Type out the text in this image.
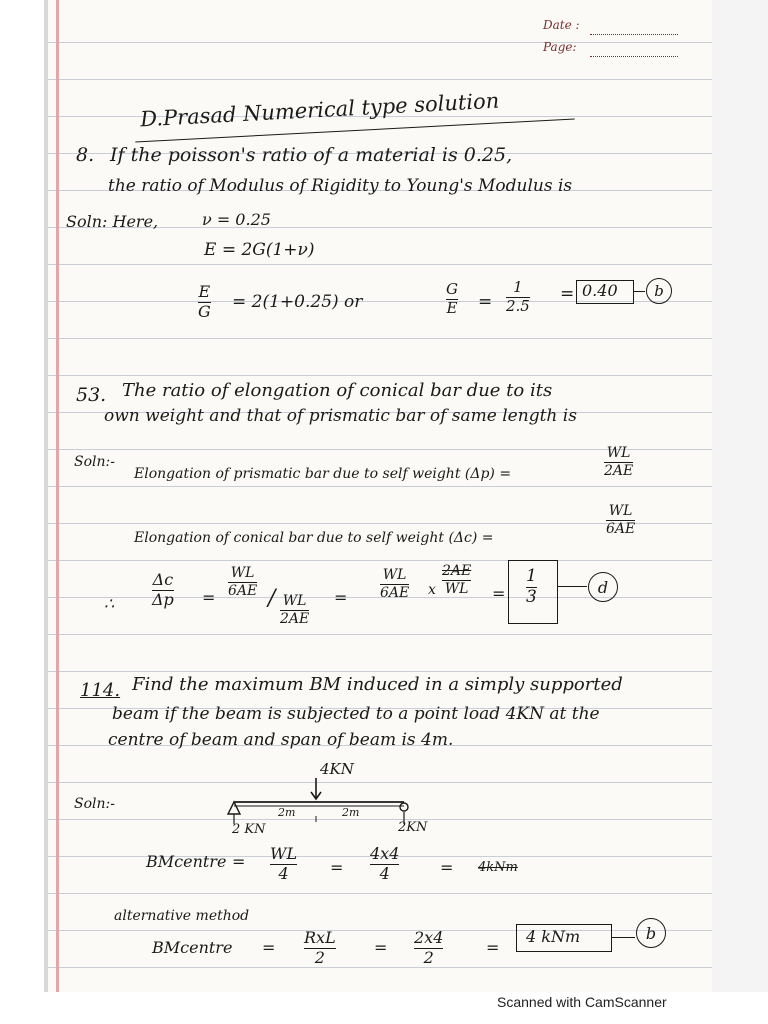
Date :
Page:
D.Prasad Numerical type solution
8. If the poisson's ratio of a material is 0.25,
the ratio of Modulus of Rigidity to Young's Modulus is
Soln: Here,	ν = 0.25
E = 2G(1+ν)
E
G = 2(1+0.25) or
G
E =
1
2.5
= 0.40 b
53. The ratio of elongation of conical bar due to its
own weight and that of prismatic bar of same length is
Soln:-
Elongation of prismatic bar due to self weight (Δp) =
WL
2AE
Elongation of conical bar due to self weight (Δc) =
WL
6AE
∴
Δc
Δp =
WL
6AE / WL
2AE
=
WL
6AE x
2AE
WL =
1
3	d
114. Find the maximum BM induced in a simply supported
beam if the beam is subjected to a point load 4KN at the
centre of beam and span of beam is 4m.
4KN
Soln:-
2m	2m
2 KN	2KN
BMcentre = WL
4	=
4x4
4	= 4kNm
alternative method
BMcentre =
RxL
2
=
2x4
2
=
4 kNm	b
Scanned with CamScanner
